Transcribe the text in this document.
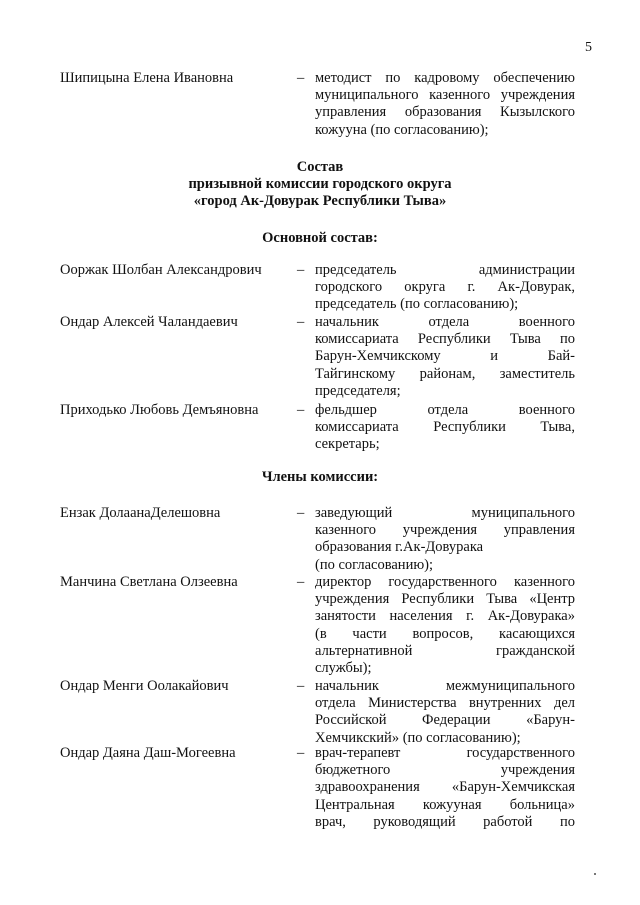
5
Шипицына Елена Ивановна	– методист по кадровому обеспечению
муниципального казенного учреждения
управления образования Кызылского
кожууна (по согласованию);
Состав
призывной комиссии городского округа
«город Ак-Довурак Республики Тыва»
Основной состав:
Ооржак Шолбан Александрович	– председатель администрации
городского округа г. Ак-Довурак,
председатель (по согласованию);
Ондар Алексей Чаландаевич	– начальник отдела военного
комиссариата Республики Тыва по
Барун-Хемчикскому и Бай-
Тайгинскому районам, заместитель
председателя;
Приходько Любовь Демъяновна	– фельдшер отдела военного
комиссариата Республики Тыва,
секретарь;
Члены комиссии:
Ензак ДолаанаДелешовна	– заведующий муниципального
казенного учреждения управления
образования г.Ак-Довурака
(по согласованию);
Манчина Светлана Олзеевна	– директор государственного казенного
учреждения Республики Тыва «Центр
занятости населения г. Ак-Довурака»
(в части вопросов, касающихся
альтернативной гражданской
службы);
Ондар Менги Оолакайович	– начальник межмуниципального
отдела Министерства внутренних дел
Российской Федерации «Барун-
Хемчикский» (по согласованию);
Ондар Даяна Даш-Могеевна	– врач-терапевт государственного
бюджетного учреждения
здравоохранения «Барун-Хемчикская
Центральная кожууная больница»
врач, руководящий работой по
